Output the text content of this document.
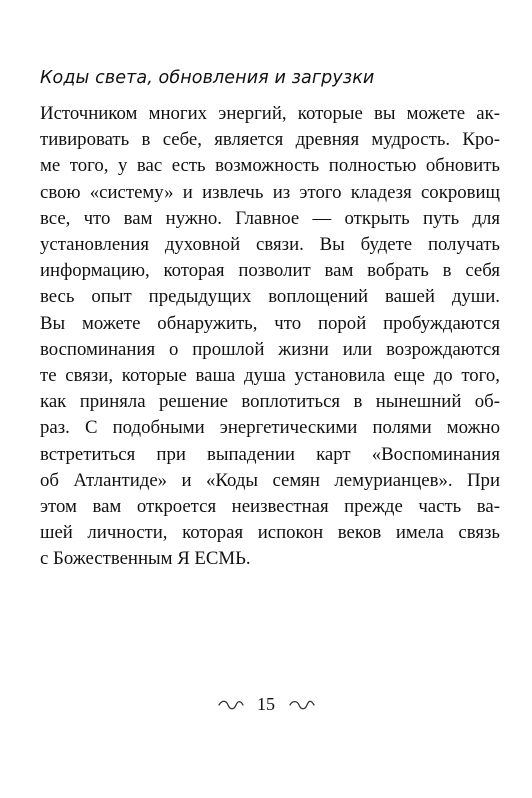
Коды света, обновления и загрузки
Источником многих энергий, которые вы можете ак-
тивировать в себе, является древняя мудрость. Кро-
ме того, у вас есть возможность полностью обновить
свою «систему» и извлечь из этого кладезя сокровищ
все, что вам нужно. Главное — открыть путь для
установления духовной связи. Вы будете получать
информацию, которая позволит вам вобрать в себя
весь опыт предыдущих воплощений вашей души.
Вы можете обнаружить, что порой пробуждаются
воспоминания о прошлой жизни или возрождаются
те связи, которые ваша душа установила еще до того,
как приняла решение воплотиться в нынешний об-
раз. С подобными энергетическими полями можно
встретиться при выпадении карт «Воспоминания
об Атлантиде» и «Коды семян лемурианцев». При
этом вам откроется неизвестная прежде часть ва-
шей личности, которая испокон веков имела связь
с Божественным Я ЕСМЬ.
15
